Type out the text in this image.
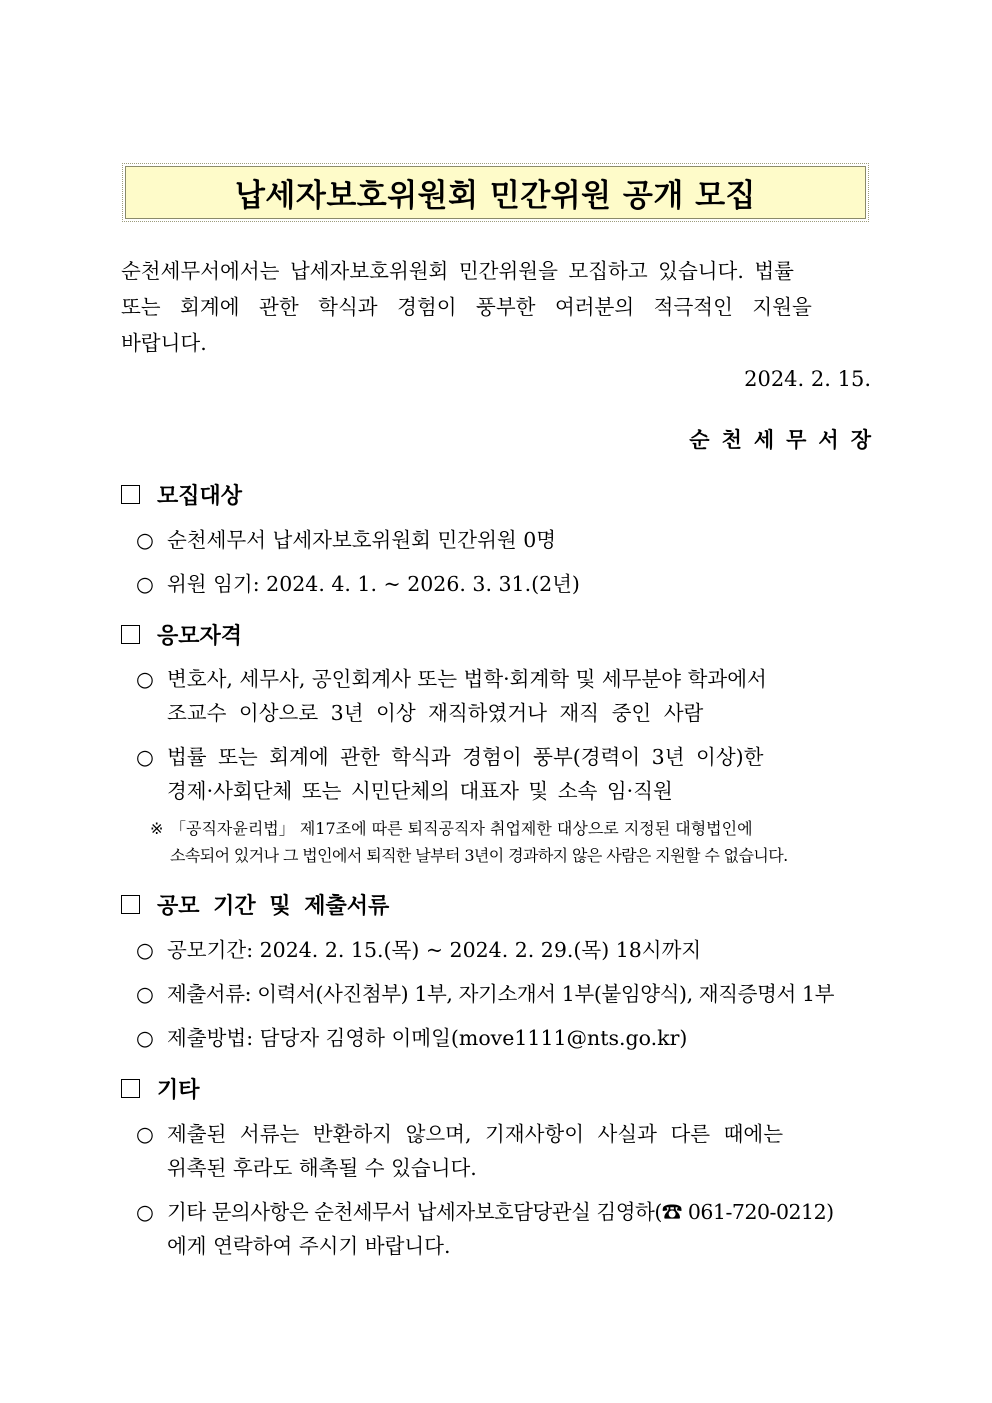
납세자보호위원회 민간위원 공개 모집
순천세무서에서는 납세자보호위원회 민간위원을 모집하고 있습니다. 법률
또는 회계에 관한 학식과 경험이 풍부한 여러분의 적극적인 지원을
바랍니다.
2024. 2. 15.
순천세무서장
모집대상
○ 순천세무서 납세자보호위원회 민간위원 0명
○ 위원 임기: 2024. 4. 1. ~ 2026. 3. 31.(2년)
응모자격
○ 변호사, 세무사, 공인회계사 또는 법학·회계학 및 세무분야 학과에서
조교수 이상으로 3년 이상 재직하였거나 재직 중인 사람
○ 법률 또는 회계에 관한 학식과 경험이 풍부(경력이 3년 이상)한
경제·사회단체 또는 시민단체의 대표자 및 소속 임·직원
※ 「공직자윤리법」 제17조에 따른 퇴직공직자 취업제한 대상으로 지정된 대형법인에
소속되어 있거나 그 법인에서 퇴직한 날부터 3년이 경과하지 않은 사람은 지원할 수 없습니다.
공모 기간 및 제출서류
○ 공모기간: 2024. 2. 15.(목) ~ 2024. 2. 29.(목) 18시까지
○ 제출서류: 이력서(사진첨부) 1부, 자기소개서 1부(붙임양식), 재직증명서 1부
○ 제출방법: 담당자 김영하 이메일(move1111@nts.go.kr)
기타
○ 제출된 서류는 반환하지 않으며, 기재사항이 사실과 다른 때에는
위촉된 후라도 해촉될 수 있습니다.
○ 기타 문의사항은 순천세무서 납세자보호담당관실 김영하(☎ 061-720-0212)
에게 연락하여 주시기 바랍니다.
